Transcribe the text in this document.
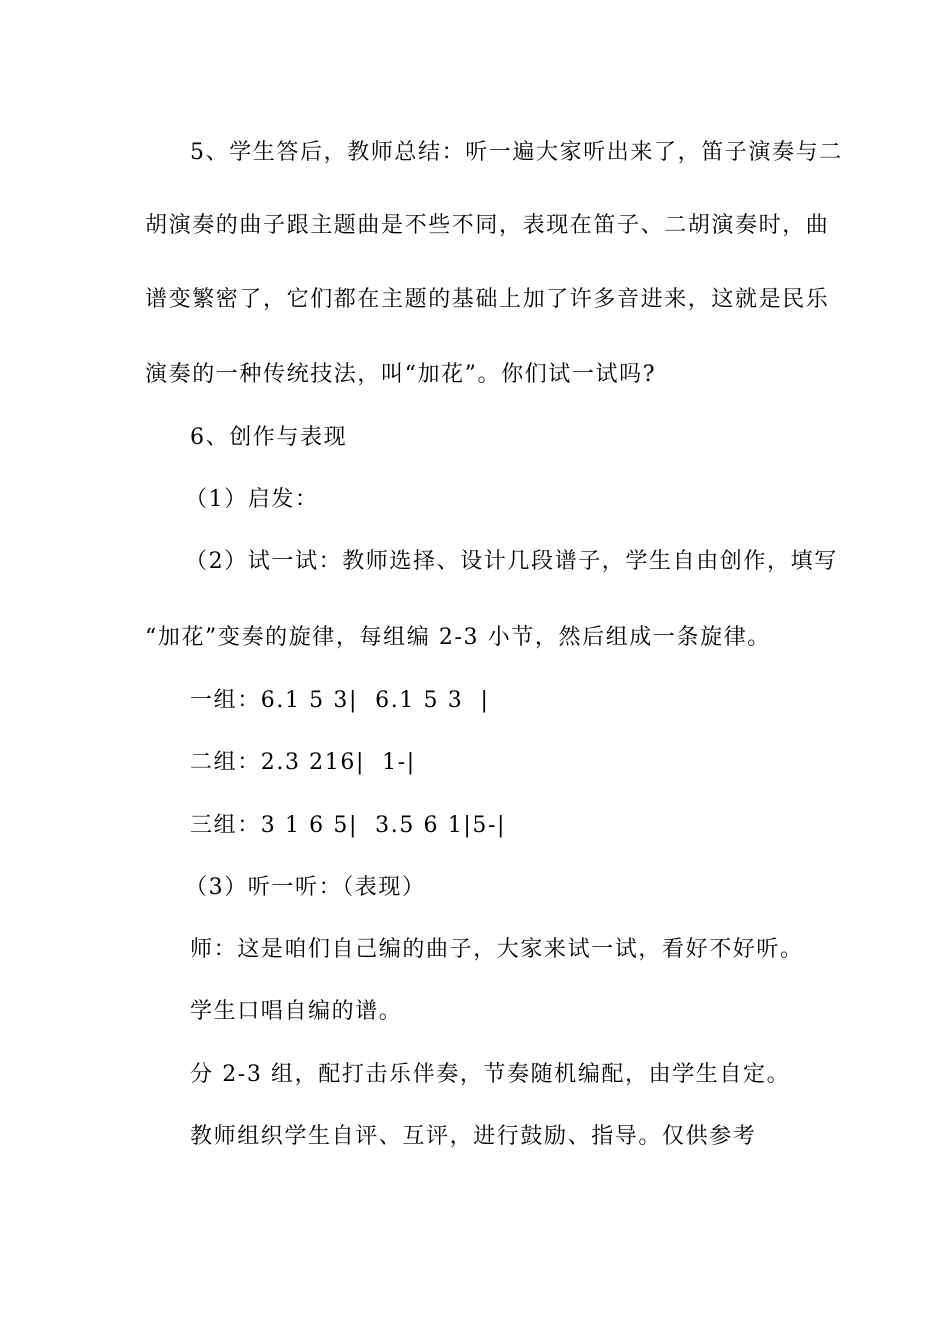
5、学生答后，教师总结：听一遍大家听出来了，笛子演奏与二
胡演奏的曲子跟主题曲是不些不同，表现在笛子、二胡演奏时，曲
谱变繁密了，它们都在主题的基础上加了许多音进来，这就是民乐
演奏的一种传统技法，叫“加花”。你们试一试吗?
6、创作与表现
（1）启发：
（2）试一试：教师选择、设计几段谱子，学生自由创作，填写
“加花”变奏的旋律，每组编 2-3 小节，然后组成一条旋律。
一组：6.1 5 3|  6.1 5 3  |
二组：2.3 216|  1-|
三组：3 1 6 5|  3.5 6 1|5-|
（3）听一听：（表现）
师：这是咱们自己编的曲子，大家来试一试，看好不好听。
学生口唱自编的谱。
分 2-3 组，配打击乐伴奏，节奏随机编配，由学生自定。
教师组织学生自评、互评，进行鼓励、指导。仅供参考
